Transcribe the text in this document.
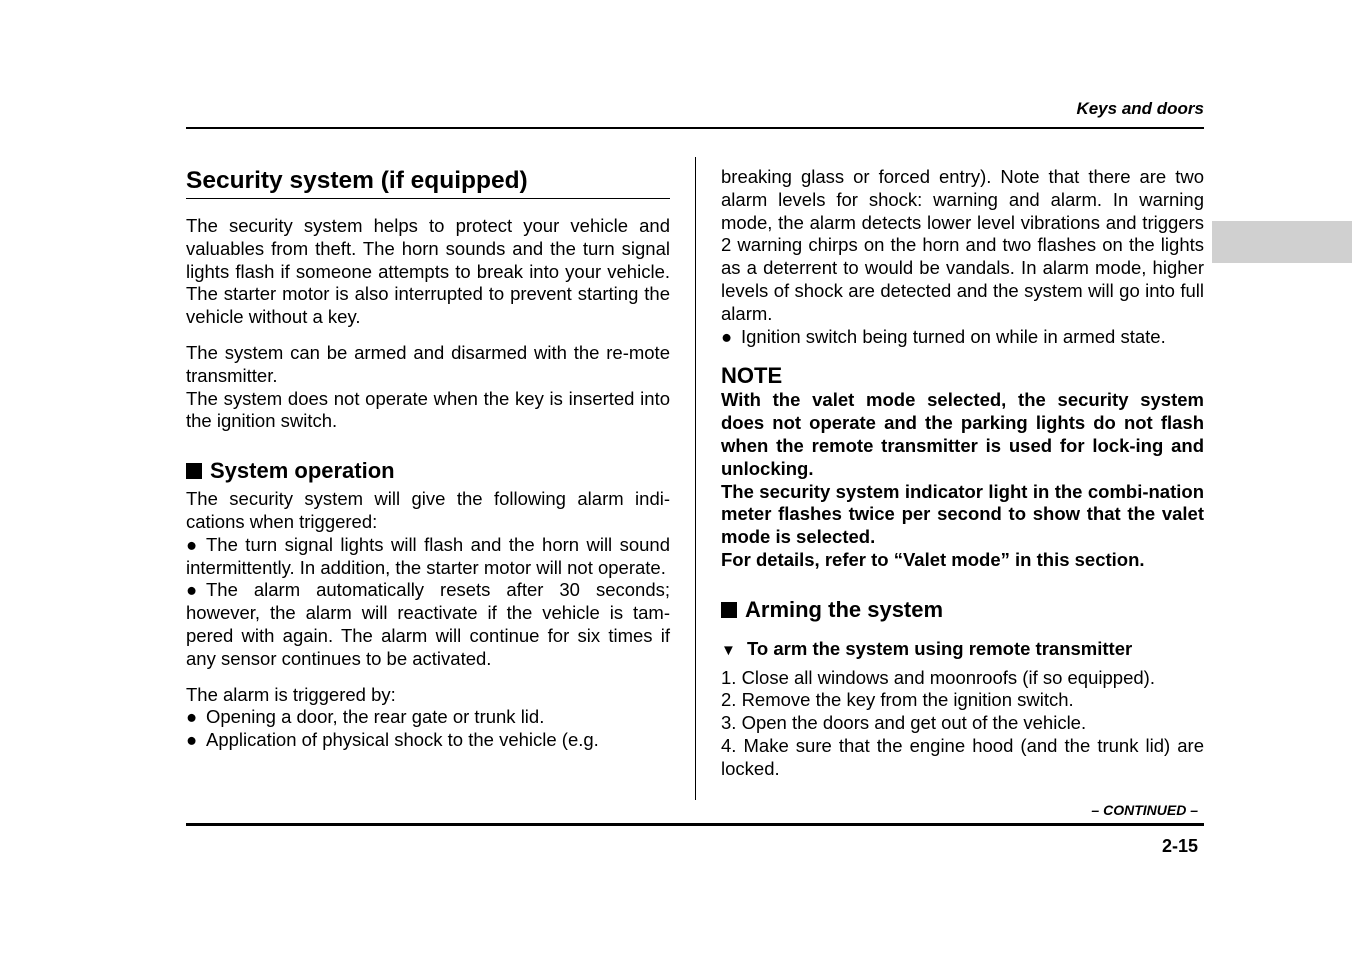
Keys and doors
Security system (if equipped)

The security system helps to protect your vehicle and valuables from theft. The horn sounds and the turn signal lights flash if someone attempts to break into your vehicle. The starter motor is also interrupted to prevent starting the vehicle without a key.

The system can be armed and disarmed with the re-mote transmitter.

The system does not operate when the key is inserted into the ignition switch.

System operation

The security system will give the following alarm indi-cations when triggered:

● The turn signal lights will flash and the horn will sound intermittently. In addition, the starter motor will not operate.
● The alarm automatically resets after 30 seconds; however, the alarm will reactivate if the vehicle is tam-pered with again. The alarm will continue for six times if any sensor continues to be activated.

The alarm is triggered by:

● Opening a door, the rear gate or trunk lid.
● Application of physical shock to the vehicle (e.g.

breaking glass or forced entry). Note that there are two alarm levels for shock: warning and alarm. In warning mode, the alarm detects lower level vibrations and triggers 2 warning chirps on the horn and two flashes on the lights as a deterrent to would be vandals. In alarm mode, higher levels of shock are detected and the system will go into full alarm.

● Ignition switch being turned on while in armed state.
NOTE

With the valet mode selected, the security system does not operate and the parking lights do not flash when the remote transmitter is used for lock-ing and unlocking.

The security system indicator light in the combi-nation meter flashes twice per second to show that the valet mode is selected.

For details, refer to “Valet mode” in this section.

Arming the system
▼ To arm the system using remote transmitter
1. Close all windows and moonroofs (if so equipped).
2. Remove the key from the ignition switch.
3. Open the doors and get out of the vehicle.
4. Make sure that the engine hood (and the trunk lid) are locked.
– CONTINUED –
2-15
